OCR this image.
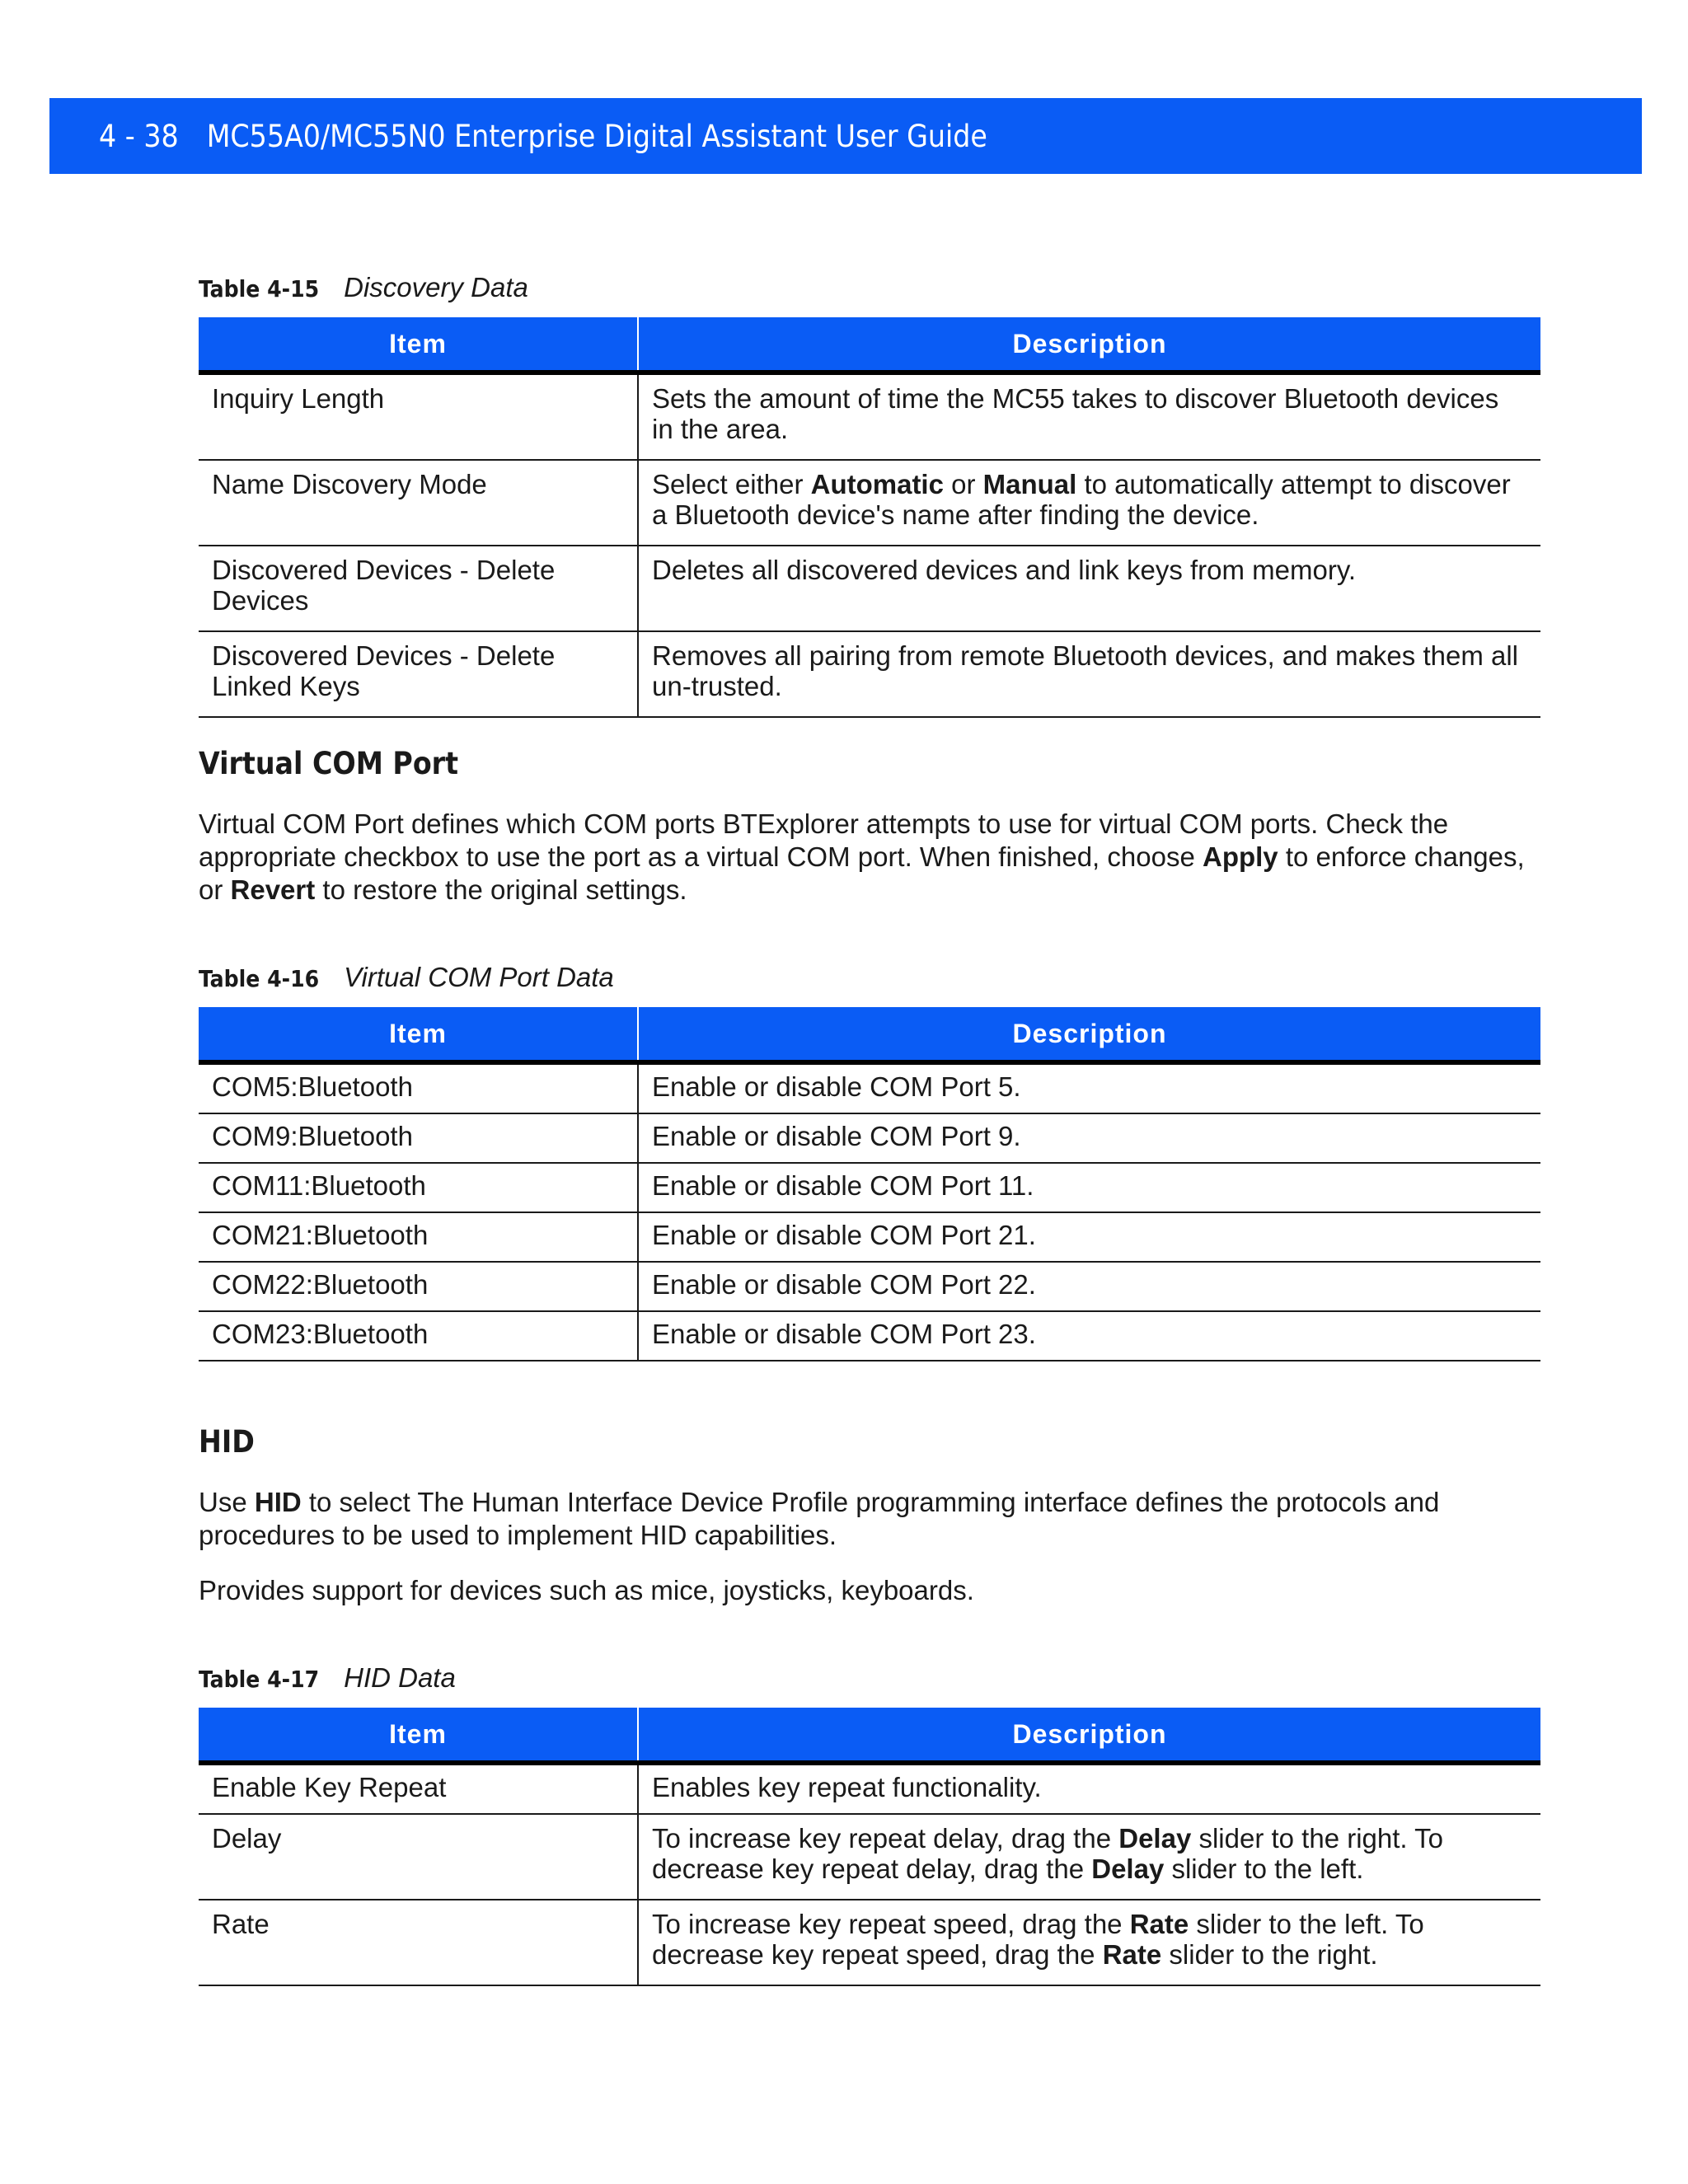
4 - 38 MC55A0/MC55N0 Enterprise Digital Assistant User Guide
Table 4-15 Discovery Data
Item	Description
Inquiry Length	Sets the amount of time the MC55 takes to discover Bluetooth devices in the area.
Name Discovery Mode	Select either Automatic or Manual to automatically attempt to discover a Bluetooth device's name after finding the device.
Discovered Devices - Delete Devices	Deletes all discovered devices and link keys from memory.
Discovered Devices - Delete Linked Keys	Removes all pairing from remote Bluetooth devices, and makes them all un-trusted.
Virtual COM Port
Virtual COM Port defines which COM ports BTExplorer attempts to use for virtual COM ports. Check the appropriate checkbox to use the port as a virtual COM port. When finished, choose Apply to enforce changes, or Revert to restore the original settings.
Table 4-16 Virtual COM Port Data
Item	Description
COM5:Bluetooth	Enable or disable COM Port 5.
COM9:Bluetooth	Enable or disable COM Port 9.
COM11:Bluetooth	Enable or disable COM Port 11.
COM21:Bluetooth	Enable or disable COM Port 21.
COM22:Bluetooth	Enable or disable COM Port 22.
COM23:Bluetooth	Enable or disable COM Port 23.
HID
Use HID to select The Human Interface Device Profile programming interface defines the protocols and procedures to be used to implement HID capabilities.
Provides support for devices such as mice, joysticks, keyboards.
Table 4-17 HID Data
Item	Description
Enable Key Repeat	Enables key repeat functionality.
Delay	To increase key repeat delay, drag the Delay slider to the right. To decrease key repeat delay, drag the Delay slider to the left.
Rate	To increase key repeat speed, drag the Rate slider to the left. To decrease key repeat speed, drag the Rate slider to the right.
